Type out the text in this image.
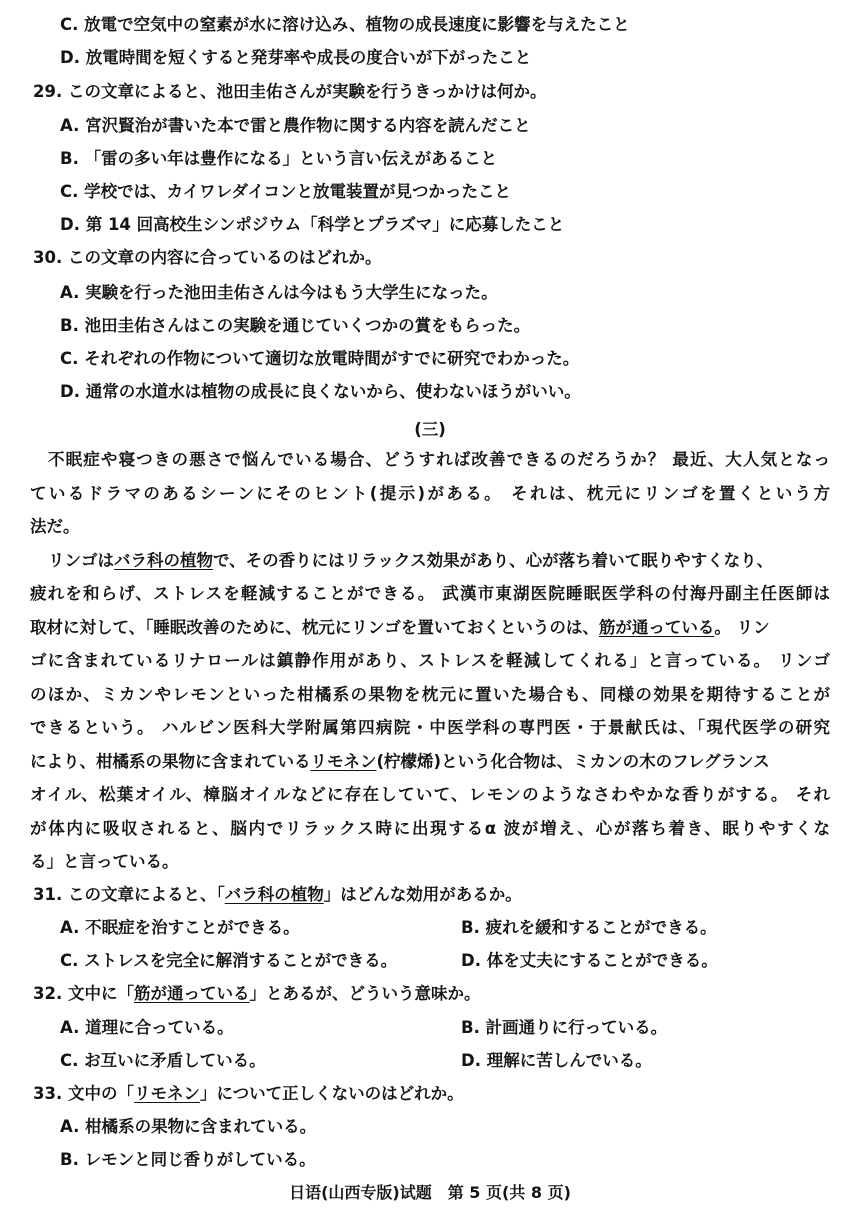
C. 放電で空気中の窒素が水に溶け込み、植物の成長速度に影響を与えたこと
D. 放電時間を短くすると発芽率や成長の度合いが下がったこと
29. この文章によると、池田圭佑さんが実験を行うきっかけは何か。
A. 宮沢賢治が書いた本で雷と農作物に関する内容を読んだこと
B. 「雷の多い年は豊作になる」という言い伝えがあること
C. 学校では、カイワレダイコンと放電装置が見つかったこと
D. 第 14 回高校生シンポジウム「科学とプラズマ」に応募したこと
30. この文章の内容に合っているのはどれか。
A. 実験を行った池田圭佑さんは今はもう大学生になった。
B. 池田圭佑さんはこの実験を通じていくつかの賞をもらった。
C. それぞれの作物について適切な放電時間がすでに研究でわかった。
D. 通常の水道水は植物の成長に良くないから、使わないほうがいい。
(三)
不眠症や寝つきの悪さで悩んでいる場合、どうすれば改善できるのだろうか？ 最近、大人気となっ
ているドラマのあるシーンにそのヒント(提示)がある。 それは、枕元にリンゴを置くという方
法だ。
リンゴはバラ科の植物で、その香りにはリラックス効果があり、心が落ち着いて眠りやすくなり、
疲れを和らげ、ストレスを軽減することができる。 武漢市東湖医院睡眠医学科の付海丹副主任医師は
取材に対して、「睡眠改善のために、枕元にリンゴを置いておくというのは、筋が通っている。 リン
ゴに含まれているリナロールは鎮静作用があり、ストレスを軽減してくれる」と言っている。 リンゴ
のほか、ミカンやレモンといった柑橘系の果物を枕元に置いた場合も、同様の効果を期待することが
できるという。 ハルビン医科大学附属第四病院・中医学科の専門医・于景献氏は、「現代医学の研究
により、柑橘系の果物に含まれているリモネン(柠檬烯)という化合物は、ミカンの木のフレグランス
オイル、松葉オイル、樟脳オイルなどに存在していて、レモンのようなさわやかな香りがする。 それ
が体内に吸収されると、脳内でリラックス時に出現するα 波が増え、心が落ち着き、眠りやすくな
る」と言っている。
31. この文章によると、「バラ科の植物」はどんな効用があるか。
A. 不眠症を治すことができる。	B. 疲れを緩和することができる。
C. ストレスを完全に解消することができる。	D. 体を丈夫にすることができる。
32. 文中に「筋が通っている」とあるが、どういう意味か。
A. 道理に合っている。	B. 計画通りに行っている。
C. お互いに矛盾している。	D. 理解に苦しんでいる。
33. 文中の「リモネン」について正しくないのはどれか。
A. 柑橘系の果物に含まれている。
B. レモンと同じ香りがしている。
日语(山西专版)试题　第 5 页(共 8 页)
